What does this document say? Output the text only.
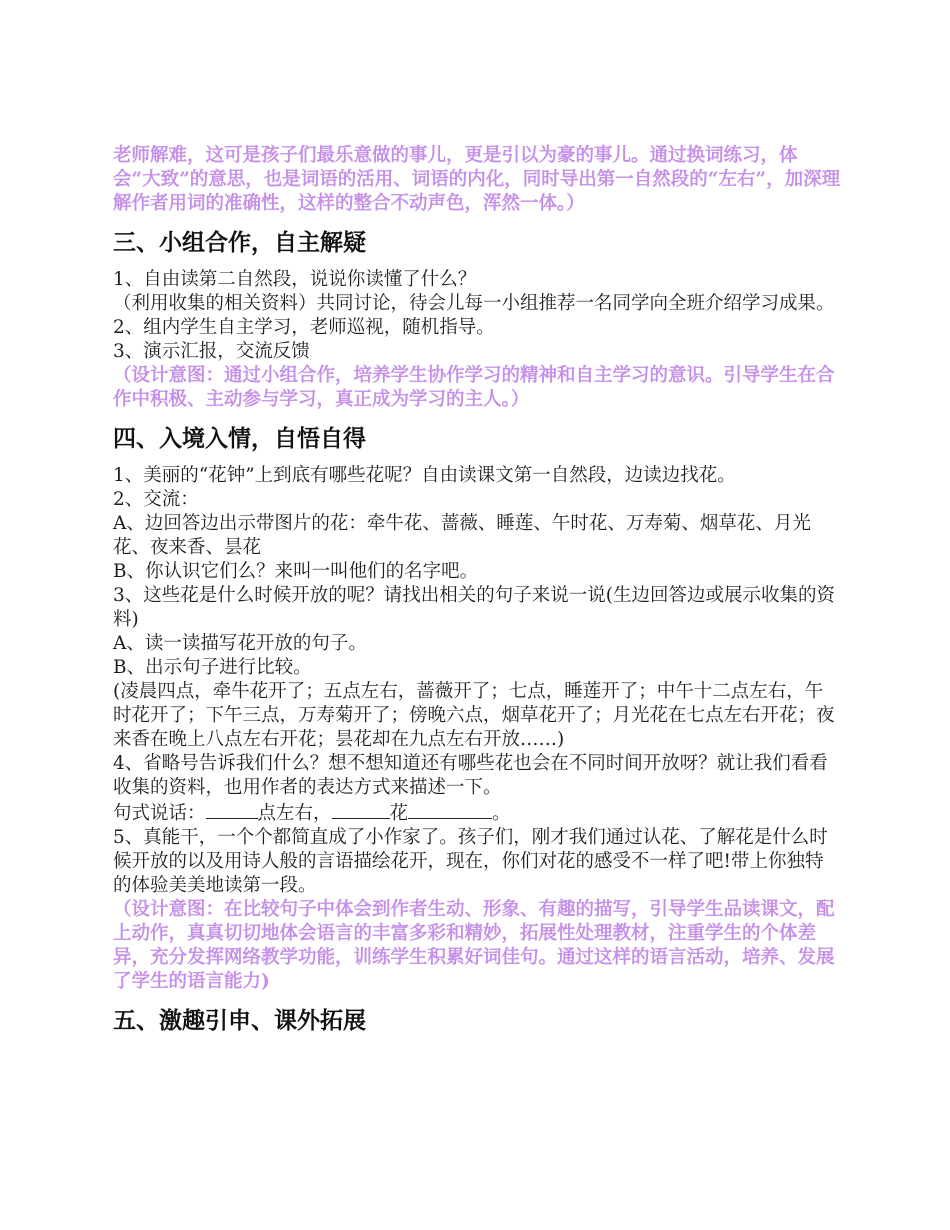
老师解难，这可是孩子们最乐意做的事儿，更是引以为豪的事儿。通过换词练习，体会“大致”的意思，也是词语的活用、词语的内化，同时导出第一自然段的“左右”，加深理解作者用词的准确性，这样的整合不动声色，浑然一体。）

三、小组合作，自主解疑

1、自由读第二自然段，说说你读懂了什么？

（利用收集的相关资料）共同讨论，待会儿每一小组推荐一名同学向全班介绍学习成果。

2、组内学生自主学习，老师巡视，随机指导。

3、演示汇报，交流反馈

（设计意图：通过小组合作，培养学生协作学习的精神和自主学习的意识。引导学生在合作中积极、主动参与学习，真正成为学习的主人。）

四、入境入情，自悟自得

1、美丽的“花钟”上到底有哪些花呢？自由读课文第一自然段，边读边找花。

2、交流：

A、边回答边出示带图片的花：牵牛花、蔷薇、睡莲、午时花、万寿菊、烟草花、月光花、夜来香、昙花

B、你认识它们么？来叫一叫他们的名字吧。

3、这些花是什么时候开放的呢？请找出相关的句子来说一说(生边回答边或展示收集的资料)

A、读一读描写花开放的句子。

B、出示句子进行比较。

(凌晨四点，牵牛花开了；五点左右，蔷薇开了；七点，睡莲开了；中午十二点左右，午时花开了；下午三点，万寿菊开了；傍晚六点，烟草花开了；月光花在七点左右开花；夜来香在晚上八点左右开花；昙花却在九点左右开放……)

4、省略号告诉我们什么？想不想知道还有哪些花也会在不同时间开放呀？就让我们看看收集的资料，也用作者的表达方式来描述一下。

句式说话：	点左右，	花	。

5、真能干，一个个都简直成了小作家了。孩子们，刚才我们通过认花、了解花是什么时候开放的以及用诗人般的言语描绘花开，现在，你们对花的感受不一样了吧!带上你独特的体验美美地读第一段。

（设计意图：在比较句子中体会到作者生动、形象、有趣的描写，引导学生品读课文，配上动作，真真切切地体会语言的丰富多彩和精妙，拓展性处理教材，注重学生的个体差异，充分发挥网络教学功能，训练学生积累好词佳句。通过这样的语言活动，培养、发展了学生的语言能力)

五、激趣引申、课外拓展
